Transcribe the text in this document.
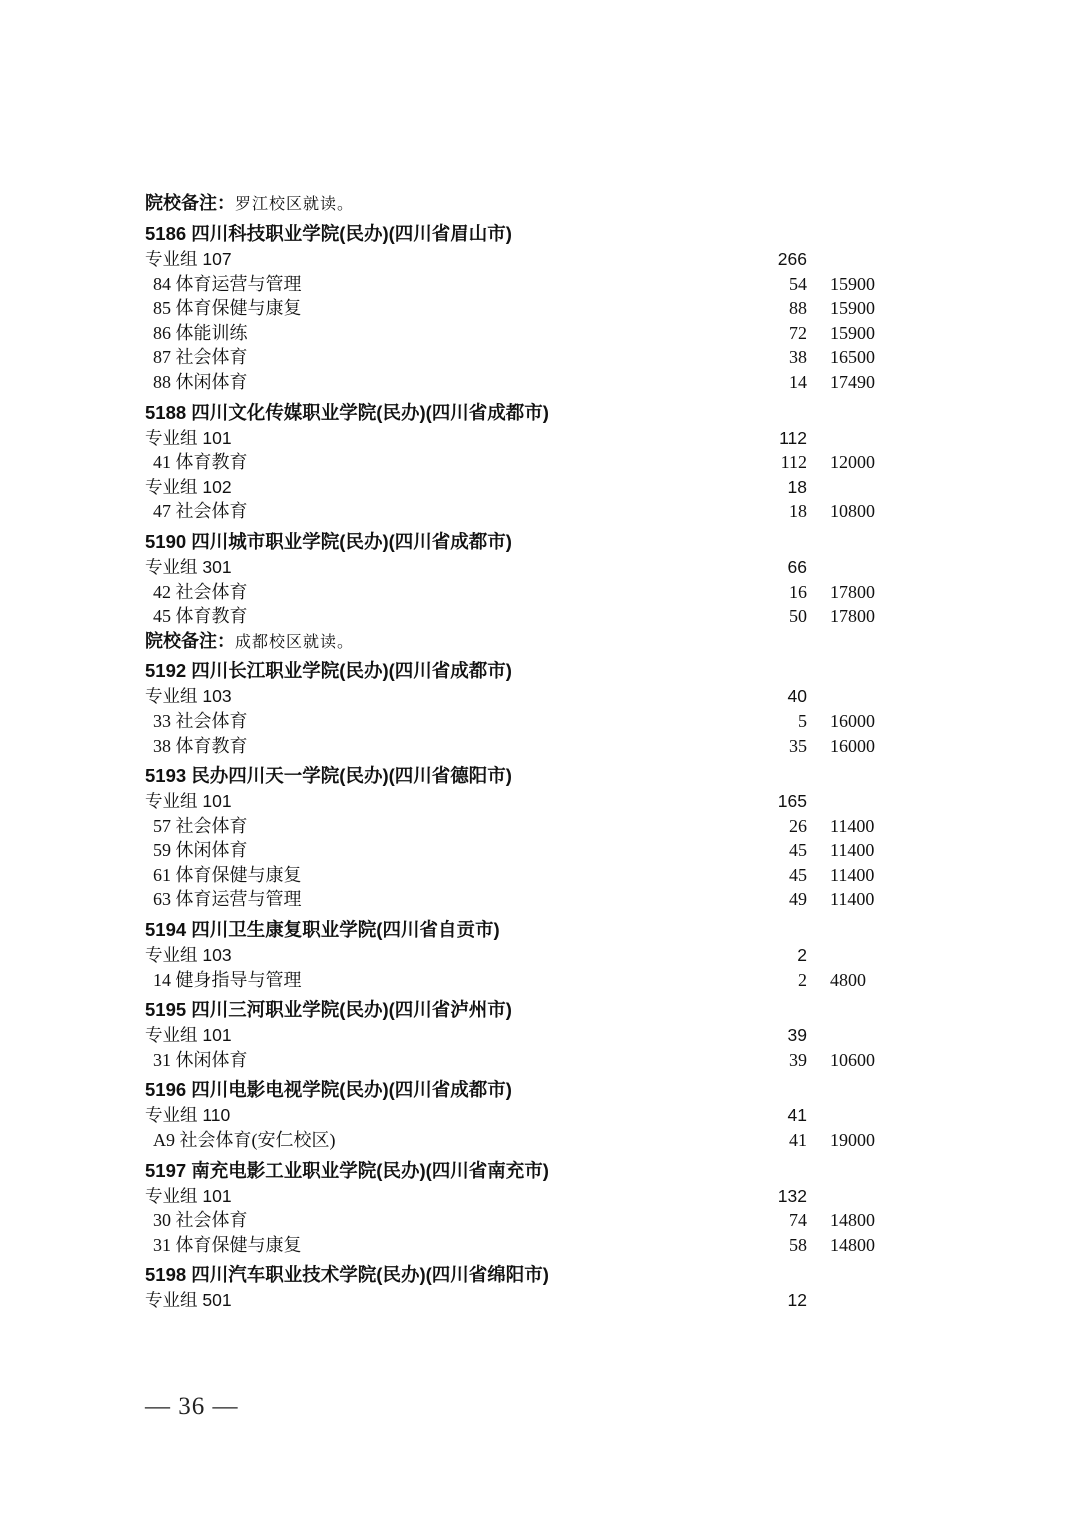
院校备注：罗江校区就读。
5186 四川科技职业学院(民办)(四川省眉山市)
专业组 107	266
84 体育运营与管理	54 15900
85 体育保健与康复	88 15900
86 体能训练	72 15900
87 社会体育	38 16500
88 休闲体育	14 17490
5188 四川文化传媒职业学院(民办)(四川省成都市)
专业组 101	112
41 体育教育	112 12000
专业组 102	18
47 社会体育	18 10800
5190 四川城市职业学院(民办)(四川省成都市)
专业组 301	66
42 社会体育	16 17800
45 体育教育	50 17800
院校备注：成都校区就读。
5192 四川长江职业学院(民办)(四川省成都市)
专业组 103	40
33 社会体育	5 16000
38 体育教育	35 16000
5193 民办四川天一学院(民办)(四川省德阳市)
专业组 101	165
57 社会体育	26 11400
59 休闲体育	45 11400
61 体育保健与康复	45 11400
63 体育运营与管理	49 11400
5194 四川卫生康复职业学院(四川省自贡市)
专业组 103	2
14 健身指导与管理	2 4800
5195 四川三河职业学院(民办)(四川省泸州市)
专业组 101	39
31 休闲体育	39 10600
5196 四川电影电视学院(民办)(四川省成都市)
专业组 110	41
A9 社会体育(安仁校区)	41 19000
5197 南充电影工业职业学院(民办)(四川省南充市)
专业组 101	132
30 社会体育	74 14800
31 体育保健与康复	58 14800
5198 四川汽车职业技术学院(民办)(四川省绵阳市)
专业组 501	12
— 36 —
